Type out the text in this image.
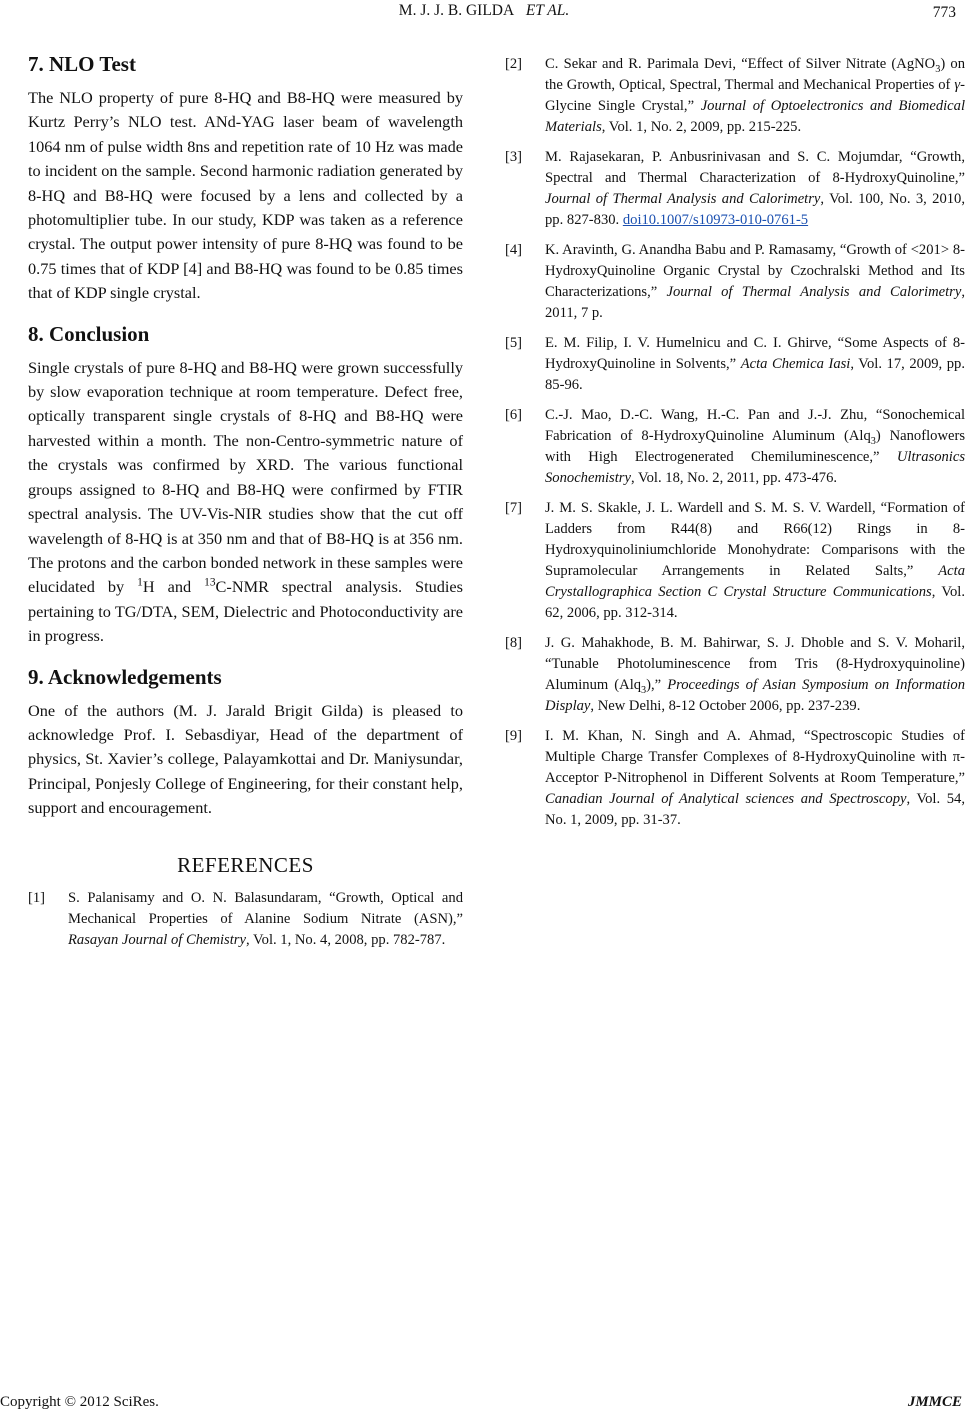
M. J. J. B. GILDA ET AL.	773
7. NLO Test

The NLO property of pure 8-HQ and B8-HQ were measured by Kurtz Perry’s NLO test. ANd-YAG laser beam of wavelength 1064 nm of pulse width 8ns and repetition rate of 10 Hz was made to incident on the sample. Second harmonic radiation generated by 8-HQ and B8-HQ were focused by a lens and collected by a photomultiplier tube. In our study, KDP was taken as a reference crystal. The output power intensity of pure 8-HQ was found to be 0.75 times that of KDP [4] and B8-HQ was found to be 0.85 times that of KDP single crystal.

8. Conclusion

Single crystals of pure 8-HQ and B8-HQ were grown successfully by slow evaporation technique at room temperature. Defect free, optically transparent single crystals of 8-HQ and B8-HQ were harvested within a month. The non-Centro-symmetric nature of the crystals was confirmed by XRD. The various functional groups assigned to 8-HQ and B8-HQ were confirmed by FTIR spectral analysis. The UV-Vis-NIR studies show that the cut off wavelength of 8-HQ is at 350 nm and that of B8-HQ is at 356 nm. The protons and the carbon bonded network in these samples were elucidated by $^1$H and $^{13}$C-NMR spectral analysis. Studies pertaining to TG/DTA, SEM, Dielectric and Photoconductivity are in progress.

9. Acknowledgements

One of the authors (M. J. Jarald Brigit Gilda) is pleased to acknowledge Prof. I. Sebasdiyar, Head of the department of physics, St. Xavier’s college, Palayamkottai and Dr. Maniysundar, Principal, Ponjesly College of Engineering, for their constant help, support and encouragement.

REFERENCES
[1]	S. Palanisamy and O. N. Balasundaram, “Growth, Optical and Mechanical Properties of Alanine Sodium Nitrate (ASN),” Rasayan Journal of Chemistry, Vol. 1, No. 4, 2008, pp. 782-787.
[2]	C. Sekar and R. Parimala Devi, “Effect of Silver Nitrate (AgNO$_3$) on the Growth, Optical, Spectral, Thermal and Mechanical Properties of γ-Glycine Single Crystal,” Journal of Optoelectronics and Biomedical Materials, Vol. 1, No. 2, 2009, pp. 215-225.
[3]	M. Rajasekaran, P. Anbusrinivasan and S. C. Mojumdar, “Growth, Spectral and Thermal Characterization of 8-HydroxyQuinoline,” Journal of Thermal Analysis and Calorimetry, Vol. 100, No. 3, 2010, pp. 827-830. doi10.1007/s10973-010-0761-5
[4]	K. Aravinth, G. Anandha Babu and P. Ramasamy, “Growth of <201> 8-HydroxyQuinoline Organic Crystal by Czochralski Method and Its Characterizations,” Journal of Thermal Analysis and Calorimetry, 2011, 7 p.
[5]	E. M. Filip, I. V. Humelnicu and C. I. Ghirve, “Some Aspects of 8-HydroxyQuinoline in Solvents,” Acta Chemica Iasi, Vol. 17, 2009, pp. 85-96.
[6]	C.-J. Mao, D.-C. Wang, H.-C. Pan and J.-J. Zhu, “Sonochemical Fabrication of 8-HydroxyQuinoline Aluminum (Alq$_3$) Nanoflowers with High Electrogenerated Chemiluminescence,” Ultrasonics Sonochemistry, Vol. 18, No. 2, 2011, pp. 473-476.
[7]	J. M. S. Skakle, J. L. Wardell and S. M. S. V. Wardell, “Formation of Ladders from R44(8) and R66(12) Rings in 8-Hydroxyquinoliniumchloride Monohydrate: Comparisons with the Supramolecular Arrangements in Related Salts,” Acta Crystallographica Section C Crystal Structure Communications, Vol. 62, 2006, pp. 312-314.
[8]	J. G. Mahakhode, B. M. Bahirwar, S. J. Dhoble and S. V. Moharil, “Tunable Photoluminescence from Tris (8-Hydroxyquinoline) Aluminum (Alq$_3$),” Proceedings of Asian Symposium on Information Display, New Delhi, 8-12 October 2006, pp. 237-239.
[9]	I. M. Khan, N. Singh and A. Ahmad, “Spectroscopic Studies of Multiple Charge Transfer Complexes of 8-HydroxyQuinoline with π-Acceptor P-Nitrophenol in Different Solvents at Room Temperature,” Canadian Journal of Analytical sciences and Spectroscopy, Vol. 54, No. 1, 2009, pp. 31-37.
Copyright © 2012 SciRes.	JMMCE
